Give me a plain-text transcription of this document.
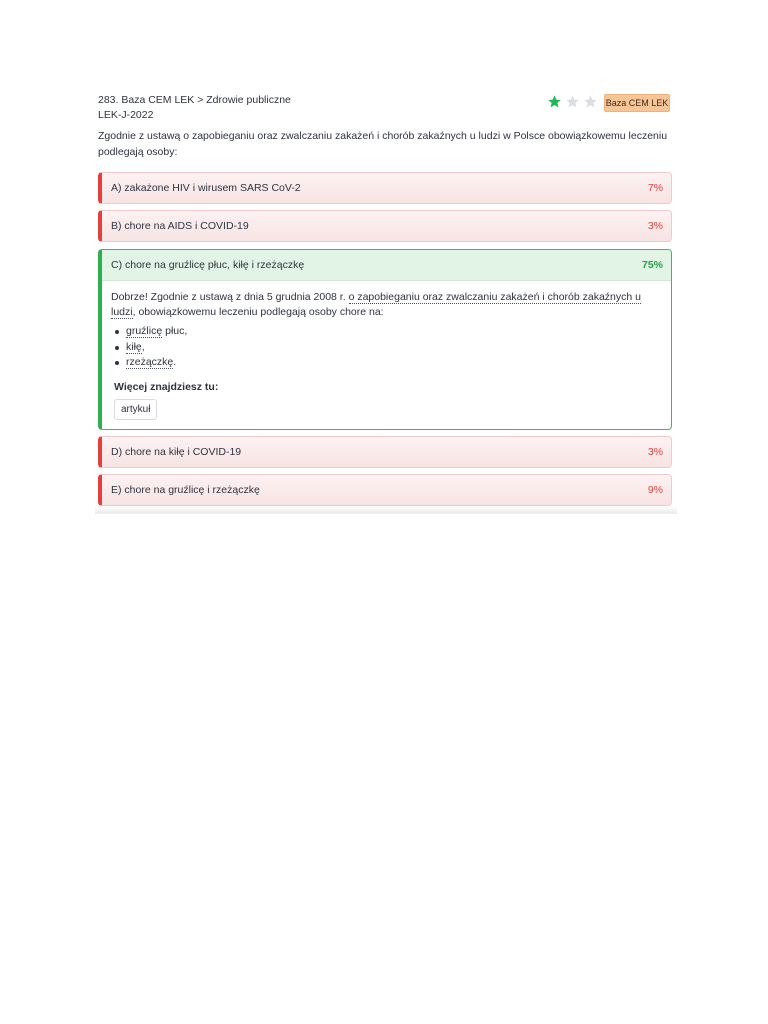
283. Baza CEM LEK > Zdrowie publiczne
LEK-J-2022
Baza CEM LEK
Zgodnie z ustawą o zapobieganiu oraz zwalczaniu zakażeń i chorób zakaźnych u ludzi w Polsce obowiązkowemu leczeniu podlegają osoby:
A) zakażone HIV i wirusem SARS CoV-2	7%
B) chore na AIDS i COVID-19	3%
C) chore na gruźlicę płuc, kiłę i rzeżączkę	75%
Dobrze! Zgodnie z ustawą z dnia 5 grudnia 2008 r. o zapobieganiu oraz zwalczaniu zakażeń i chorób zakaźnych u ludzi, obowiązkowemu leczeniu podlegają osoby chore na:
gruźlicę płuc,
kiłę,
rzeżączkę.
Więcej znajdziesz tu:
artykuł
D) chore na kiłę i COVID-19	3%
E) chore na gruźlicę i rzeżączkę	9%
